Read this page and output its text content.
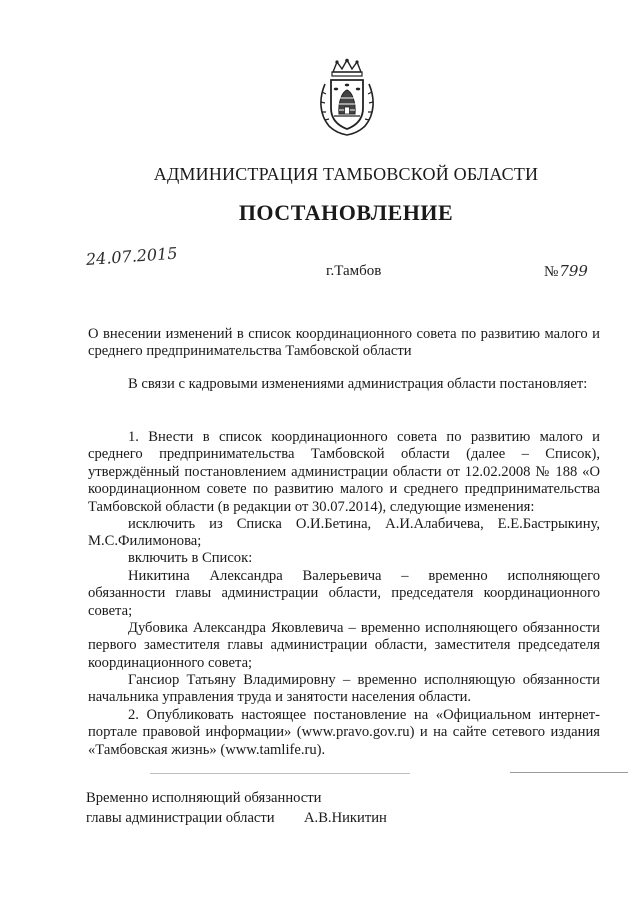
АДМИНИСТРАЦИЯ ТАМБОВСКОЙ ОБЛАСТИ
ПОСТАНОВЛЕНИЕ
24.07.2015
г.Тамбов	№799
О внесении изменений в список координационного совета по развитию малого и среднего предпринимательства Тамбовской области
В связи с кадровыми изменениями администрация области постановляет:
1. Внести в список координационного совета по развитию малого и среднего предпринимательства Тамбовской области (далее – Список), утверждённый постановлением администрации области от 12.02.2008 № 188 «О координационном совете по развитию малого и среднего предпринимательства Тамбовской области (в редакции от 30.07.2014), следующие изменения:
исключить из Списка О.И.Бетина, А.И.Алабичева, Е.Е.Бастрыкину, М.С.Филимонова;
включить в Список:
Никитина Александра Валерьевича – временно исполняющего обязанности главы администрации области, председателя координационного совета;
Дубовика Александра Яковлевича – временно исполняющего обязанности первого заместителя главы администрации области, заместителя председателя координационного совета;
Гансиор Татьяну Владимировну – временно исполняющую обязанности начальника управления труда и занятости населения области.
2. Опубликовать настоящее постановление на «Официальном интернет-портале правовой информации» (www.pravo.gov.ru) и на сайте сетевого издания «Тамбовская жизнь» (www.tamlife.ru).
Временно исполняющий обязанности
главы администрации области	А.В.Никитин
